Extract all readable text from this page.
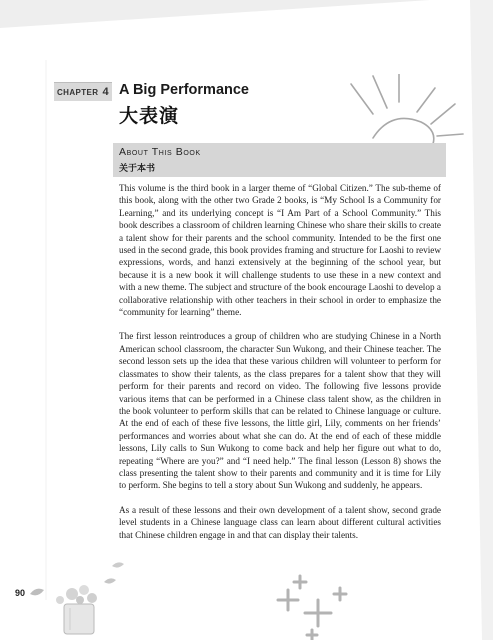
CHAPTER 4 A Big Performance
大表演
About This Book
关于本书

This volume is the third book in a larger theme of “Global Citizen.” The sub-theme of this book, along with the other two Grade 2 books, is “My School Is a Community for Learning,” and its underlying concept is “I Am Part of a School Community.” This book describes a classroom of children learning Chinese who share their skills to create a talent show for their parents and the school community. Intended to be the first one used in the second grade, this book provides framing and structure for Laoshi to review expressions, words, and hanzi extensively at the beginning of the school year, but because it is a new book it will challenge students to use these in a new context and with a new theme. The subject and structure of the book encourage Laoshi to develop a collaborative relationship with other teachers in their school in order to emphasize the “community for learning” theme.

The first lesson reintroduces a group of children who are studying Chinese in a North American school classroom, the character Sun Wukong, and their Chinese teacher. The second lesson sets up the idea that these various children will volunteer to perform for classmates to show their talents, as the class prepares for a talent show that they will perform for their parents and record on video. The following five lessons provide various items that can be performed in a Chinese class talent show, as the children in the book volunteer to perform skills that can be related to Chinese language or culture. At the end of each of these five lessons, the little girl, Lily, comments on her friends’ performances and worries about what she can do. At the end of each of these middle lessons, Lily calls to Sun Wukong to come back and help her figure out what to do, repeating “Where are you?” and “I need help.” The final lesson (Lesson 8) shows the class presenting the talent show to their parents and community and it is time for Lily to perform. She begins to tell a story about Sun Wukong and suddenly, he appears.

As a result of these lessons and their own development of a talent show, second grade level students in a Chinese language class can learn about different cultural activities that Chinese children engage in and that can display their talents.

90
